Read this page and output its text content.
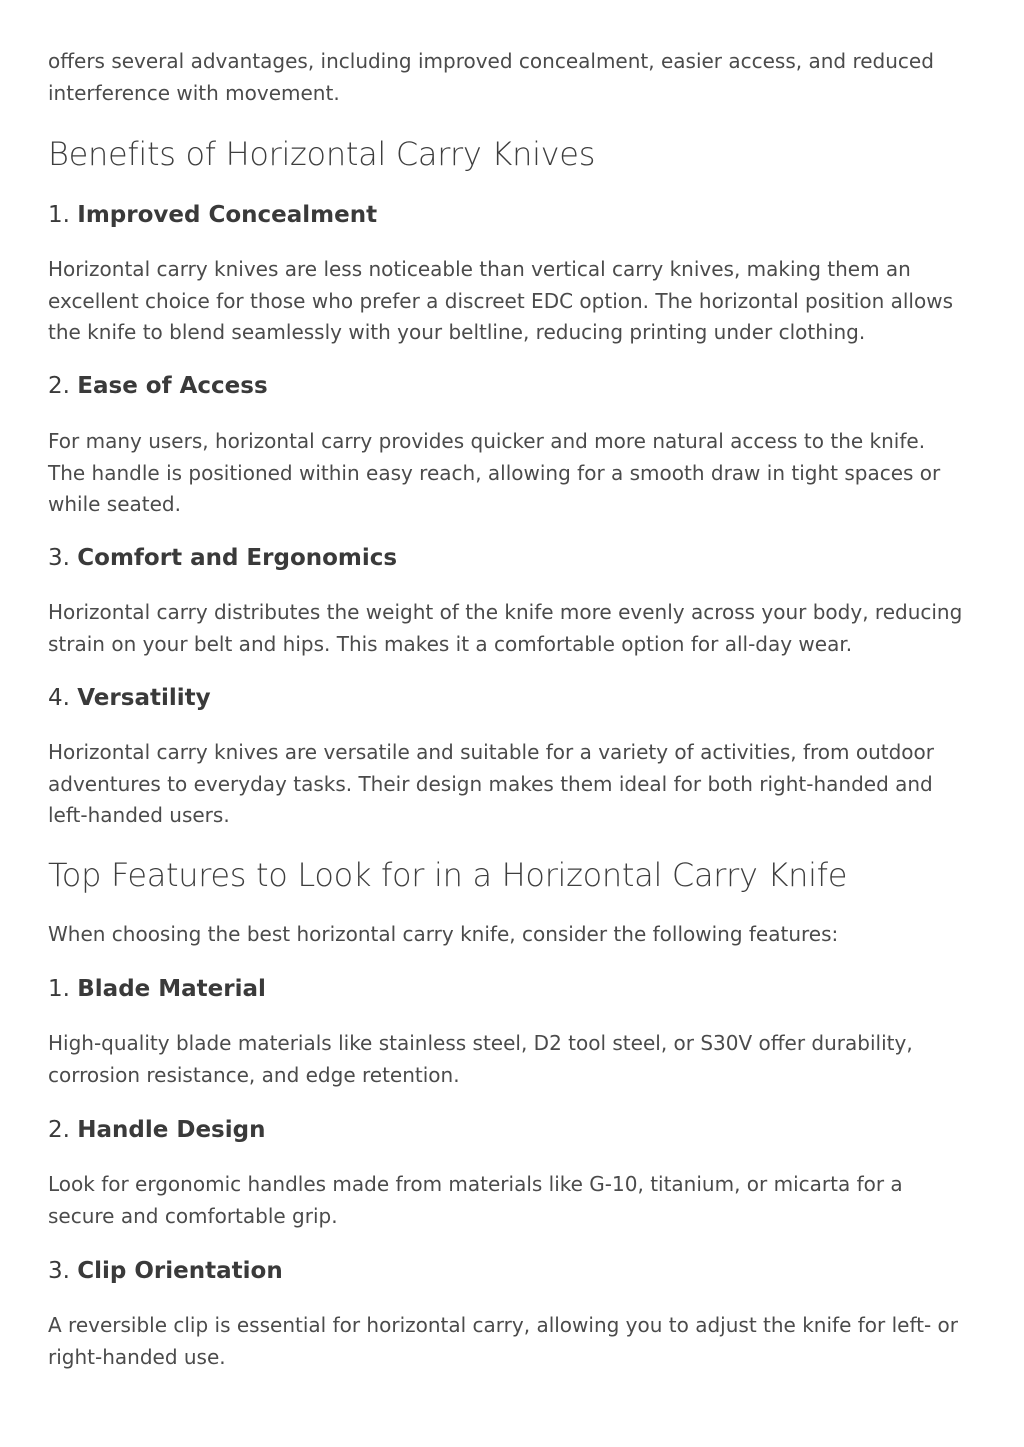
offers several advantages, including improved concealment, easier access, and reduced interference with movement.

Benefits of Horizontal Carry Knives
1. Improved Concealment

Horizontal carry knives are less noticeable than vertical carry knives, making them an excellent choice for those who prefer a discreet EDC option. The horizontal position allows the knife to blend seamlessly with your beltline, reducing printing under clothing.

2. Ease of Access

For many users, horizontal carry provides quicker and more natural access to the knife. The handle is positioned within easy reach, allowing for a smooth draw in tight spaces or while seated.

3. Comfort and Ergonomics

Horizontal carry distributes the weight of the knife more evenly across your body, reducing strain on your belt and hips. This makes it a comfortable option for all-day wear.

4. Versatility

Horizontal carry knives are versatile and suitable for a variety of activities, from outdoor adventures to everyday tasks. Their design makes them ideal for both right-handed and left-handed users.

Top Features to Look for in a Horizontal Carry Knife

When choosing the best horizontal carry knife, consider the following features:

1. Blade Material

High-quality blade materials like stainless steel, D2 tool steel, or S30V offer durability, corrosion resistance, and edge retention.

2. Handle Design

Look for ergonomic handles made from materials like G-10, titanium, or micarta for a secure and comfortable grip.

3. Clip Orientation

A reversible clip is essential for horizontal carry, allowing you to adjust the knife for left- or right-handed use.
